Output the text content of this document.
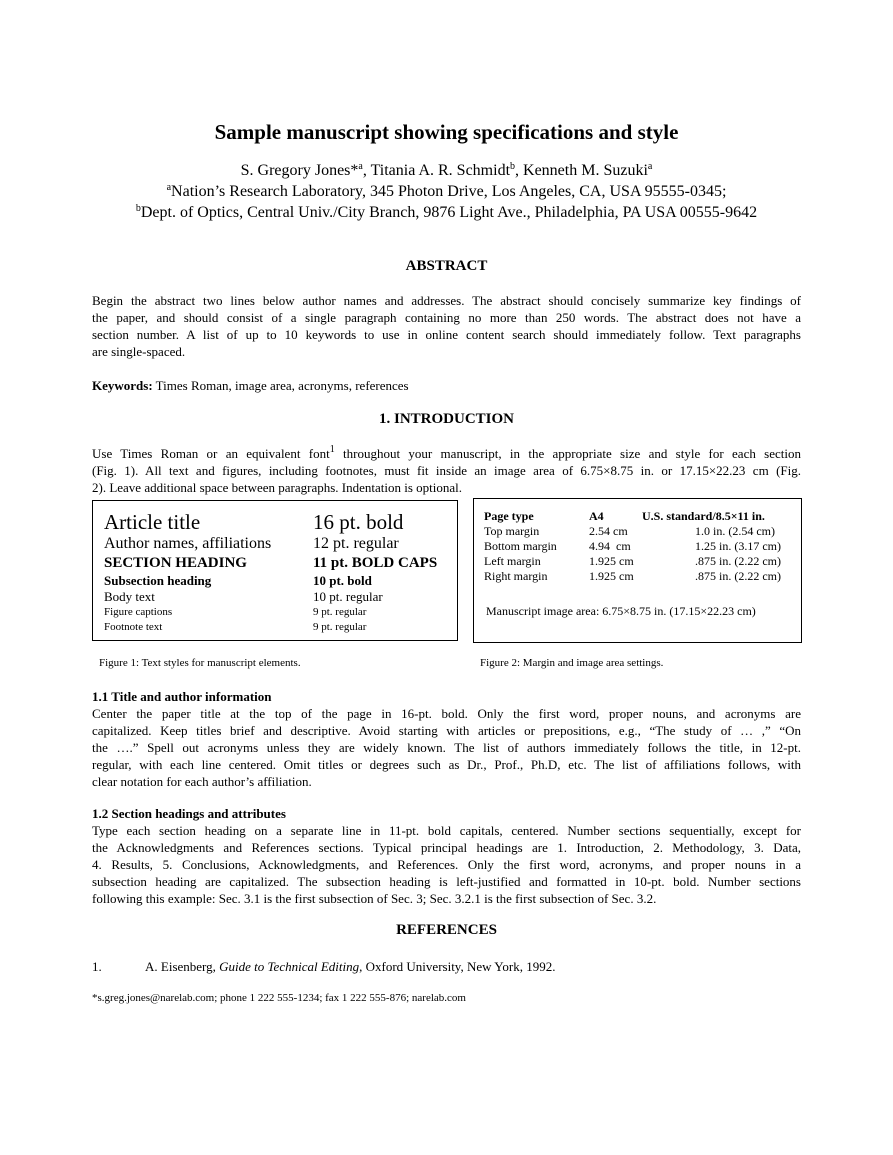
Sample manuscript showing specifications and style
S. Gregory Jones*$^a$, Titania A. R. Schmidt$^b$, Kenneth M. Suzuki$^a$
$^a$Nation’s Research Laboratory, 345 Photon Drive, Los Angeles, CA, USA 95555-0345;
$^b$Dept. of Optics, Central Univ./City Branch, 9876 Light Ave., Philadelphia, PA USA 00555-9642
ABSTRACT
Begin the abstract two lines below author names and addresses. The abstract should concisely summarize key findings of
the paper, and should consist of a single paragraph containing no more than 250 words. The abstract does not have a
section number. A list of up to 10 keywords to use in online content search should immediately follow. Text paragraphs
are single-spaced.
Keywords: Times Roman, image area, acronyms, references
1. INTRODUCTION
Use Times Roman or an equivalent font$^1$ throughout your manuscript, in the appropriate size and style for each section
(Fig. 1). All text and figures, including footnotes, must fit inside an image area of 6.75×8.75 in. or 17.15×22.23 cm (Fig.
2). Leave additional space between paragraphs. Indentation is optional.
Article title	16 pt. bold
Author names, affiliations	12 pt. regular
SECTION HEADING	11 pt. BOLD CAPS
Subsection heading	10 pt. bold
Body text	10 pt. regular
Figure captions	9 pt. regular
Footnote text	9 pt. regular
Figure 1: Text styles for manuscript elements.
Page type	A4	U.S. standard/8.5×11 in.
Top margin	2.54 cm	1.0 in. (2.54 cm)
Bottom margin	4.94  cm	1.25 in. (3.17 cm)
Left margin	1.925 cm	.875 in. (2.22 cm)
Right margin	1.925 cm	.875 in. (2.22 cm)
Manuscript image area: 6.75×8.75 in. (17.15×22.23 cm)
Figure 2: Margin and image area settings.
1.1 Title and author information
Center the paper title at the top of the page in 16-pt. bold. Only the first word, proper nouns, and acronyms are
capitalized. Keep titles brief and descriptive. Avoid starting with articles or prepositions, e.g., “The study of … ,” “On
the ….” Spell out acronyms unless they are widely known. The list of authors immediately follows the title, in 12-pt.
regular, with each line centered. Omit titles or degrees such as Dr., Prof., Ph.D, etc. The list of affiliations follows, with
clear notation for each author’s affiliation.
1.2 Section headings and attributes
Type each section heading on a separate line in 11-pt. bold capitals, centered. Number sections sequentially, except for
the Acknowledgments and References sections. Typical principal headings are 1. Introduction, 2. Methodology, 3. Data,
4. Results, 5. Conclusions, Acknowledgments, and References. Only the first word, acronyms, and proper nouns in a
subsection heading are capitalized. The subsection heading is left-justified and formatted in 10-pt. bold. Number sections
following this example: Sec. 3.1 is the first subsection of Sec. 3; Sec. 3.2.1 is the first subsection of Sec. 3.2.
REFERENCES
1.	A. Eisenberg, Guide to Technical Editing, Oxford University, New York, 1992.
*s.greg.jones@narelab.com; phone 1 222 555-1234; fax 1 222 555-876; narelab.com
